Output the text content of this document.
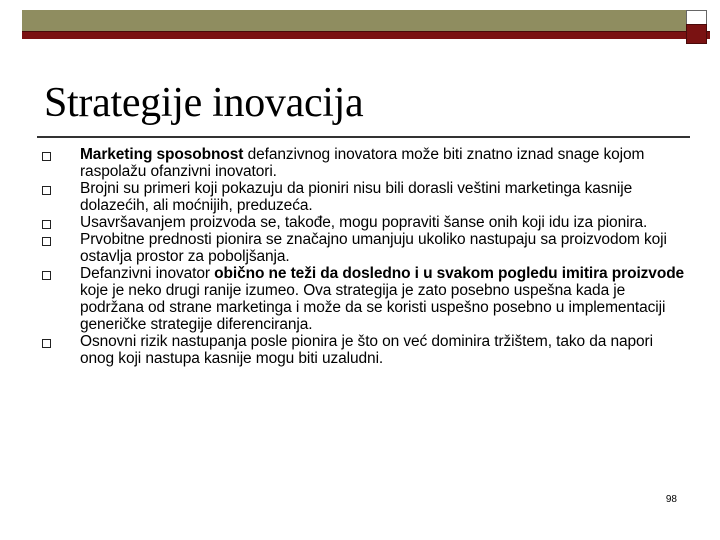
Strategije inovacija
Marketing sposobnost defanzivnog inovatora može biti znatno iznad snage kojom raspolažu ofanzivni inovatori.
Brojni su primeri koji pokazuju da pioniri nisu bili dorasli veštini marketinga kasnije dolazećih, ali moćnijih, preduzeća.
Usavršavanjem proizvoda se, takođe, mogu popraviti šanse onih koji idu iza pionira.
Prvobitne prednosti pionira se značajno umanjuju ukoliko nastupaju sa proizvodom koji ostavlja prostor za poboljšanja.
Defanzivni inovator obično ne teži da dosledno i u svakom pogledu imitira proizvode koje je neko drugi ranije izumeo. Ova strategija je zato posebno uspešna kada je podržana od strane marketinga i može da se koristi uspešno posebno u implementaciji generičke strategije diferenciranja.
Osnovni rizik nastupanja posle pionira je što on već dominira tržištem, tako da napori onog koji nastupa kasnije mogu biti uzaludni.
98
